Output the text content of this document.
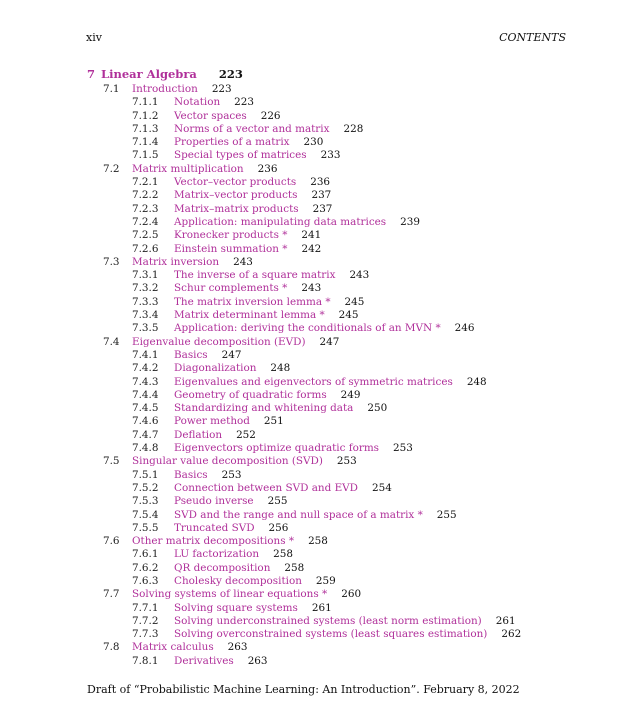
xiv	CONTENTS
7 Linear Algebra 223
7.1 Introduction 223
7.1.1 Notation 223
7.1.2 Vector spaces 226
7.1.3 Norms of a vector and matrix 228
7.1.4 Properties of a matrix 230
7.1.5 Special types of matrices 233
7.2 Matrix multiplication 236
7.2.1 Vector–vector products 236
7.2.2 Matrix–vector products 237
7.2.3 Matrix–matrix products 237
7.2.4 Application: manipulating data matrices 239
7.2.5 Kronecker products * 241
7.2.6 Einstein summation * 242
7.3 Matrix inversion 243
7.3.1 The inverse of a square matrix 243
7.3.2 Schur complements * 243
7.3.3 The matrix inversion lemma * 245
7.3.4 Matrix determinant lemma * 245
7.3.5 Application: deriving the conditionals of an MVN * 246
7.4 Eigenvalue decomposition (EVD) 247
7.4.1 Basics 247
7.4.2 Diagonalization 248
7.4.3 Eigenvalues and eigenvectors of symmetric matrices 248
7.4.4 Geometry of quadratic forms 249
7.4.5 Standardizing and whitening data 250
7.4.6 Power method 251
7.4.7 Deflation 252
7.4.8 Eigenvectors optimize quadratic forms 253
7.5 Singular value decomposition (SVD) 253
7.5.1 Basics 253
7.5.2 Connection between SVD and EVD 254
7.5.3 Pseudo inverse 255
7.5.4 SVD and the range and null space of a matrix * 255
7.5.5 Truncated SVD 256
7.6 Other matrix decompositions * 258
7.6.1 LU factorization 258
7.6.2 QR decomposition 258
7.6.3 Cholesky decomposition 259
7.7 Solving systems of linear equations * 260
7.7.1 Solving square systems 261
7.7.2 Solving underconstrained systems (least norm estimation) 261
7.7.3 Solving overconstrained systems (least squares estimation) 262
7.8 Matrix calculus 263
7.8.1 Derivatives 263
Draft of “Probabilistic Machine Learning: An Introduction”. February 8, 2022
